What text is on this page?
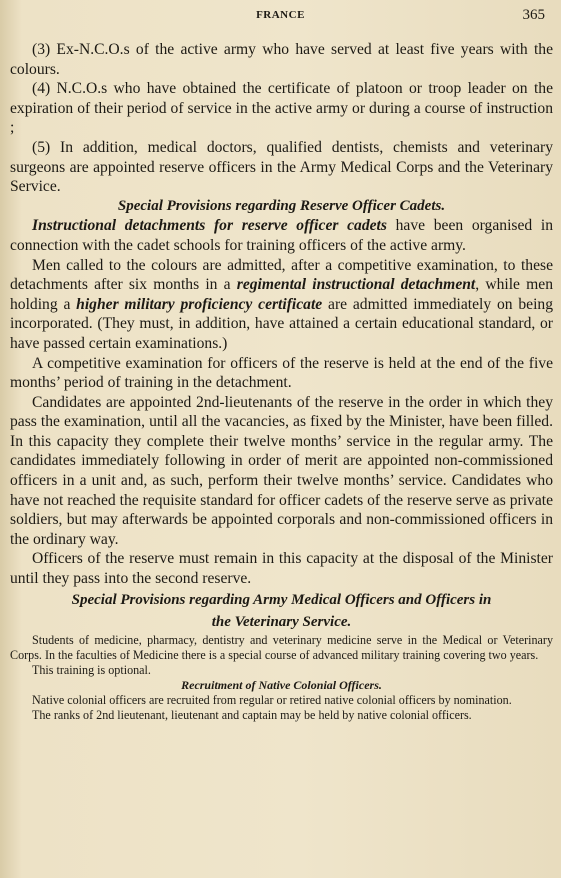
FRANCE	365

(3) Ex-N.C.O.s of the active army who have served at least five years with the colours.

(4) N.C.O.s who have obtained the certificate of platoon or troop leader on the expiration of their period of service in the active army or during a course of instruction ;

(5) In addition, medical doctors, qualified dentists, chemists and veterinary surgeons are appointed reserve officers in the Army Medical Corps and the Veterinary Service.

Special Provisions regarding Reserve Officer Cadets.

Instructional detachments for reserve officer cadets have been organised in connection with the cadet schools for training officers of the active army.

Men called to the colours are admitted, after a competitive examination, to these detachments after six months in a regimental instructional detachment, while men holding a higher military proficiency certificate are admitted immediately on being incorporated. (They must, in addition, have attained a certain educational standard, or have passed certain examinations.)

A competitive examination for officers of the reserve is held at the end of the five months’ period of training in the detachment.

Candidates are appointed 2nd-lieutenants of the reserve in the order in which they pass the examination, until all the vacancies, as fixed by the Minister, have been filled. In this capacity they complete their twelve months’ service in the regular army. The candidates immediately following in order of merit are appointed non-commissioned officers in a unit and, as such, perform their twelve months’ service. Candidates who have not reached the requisite standard for officer cadets of the reserve serve as private soldiers, but may afterwards be appointed corporals and non-commissioned officers in the ordinary way.

Officers of the reserve must remain in this capacity at the disposal of the Minister until they pass into the second reserve.

Special Provisions regarding Army Medical Officers and Officers in
the Veterinary Service.

Students of medicine, pharmacy, dentistry and veterinary medicine serve in the Medical or Veterinary Corps. In the faculties of Medicine there is a special course of advanced military training covering two years.

This training is optional.

Recruitment of Native Colonial Officers.

Native colonial officers are recruited from regular or retired native colonial officers by nomination.

The ranks of 2nd lieutenant, lieutenant and captain may be held by native colonial officers.
